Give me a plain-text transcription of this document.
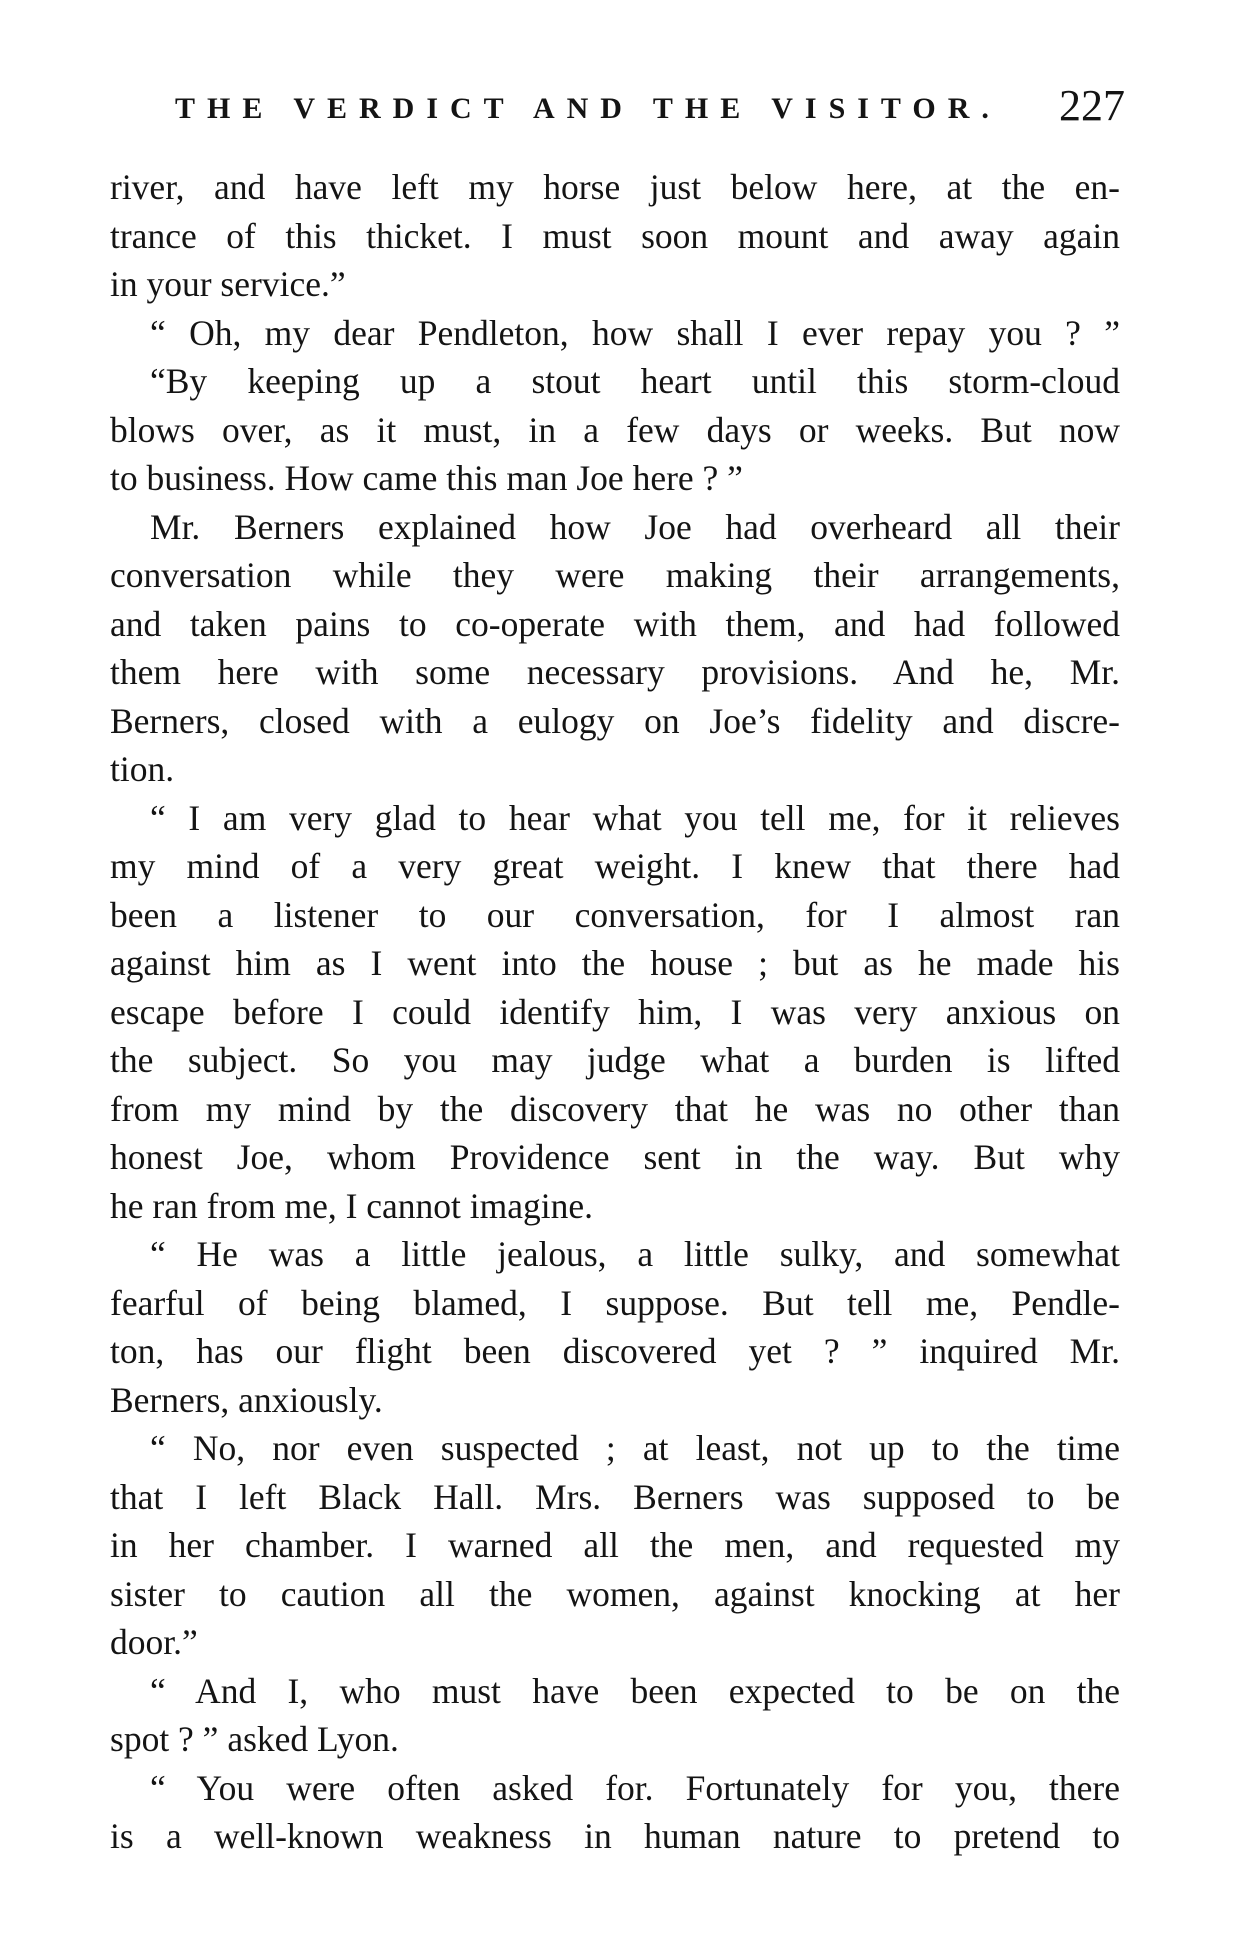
THE VERDICT AND THE VISITOR. 227
river, and have left my horse just below here, at the en-
trance of this thicket. I must soon mount and away again
in your service.”
“ Oh, my dear Pendleton, how shall I ever repay you ? ”
“By keeping up a stout heart until this storm-cloud
blows over, as it must, in a few days or weeks. But now
to business. How came this man Joe here ? ”
Mr. Berners explained how Joe had overheard all their
conversation while they were making their arrangements,
and taken pains to co-operate with them, and had followed
them here with some necessary provisions. And he, Mr.
Berners, closed with a eulogy on Joe’s fidelity and discre-
tion.
“ I am very glad to hear what you tell me, for it relieves
my mind of a very great weight. I knew that there had
been a listener to our conversation, for I almost ran
against him as I went into the house ; but as he made his
escape before I could identify him, I was very anxious on
the subject. So you may judge what a burden is lifted
from my mind by the discovery that he was no other than
honest Joe, whom Providence sent in the way. But why
he ran from me, I cannot imagine.
“ He was a little jealous, a little sulky, and somewhat
fearful of being blamed, I suppose. But tell me, Pendle-
ton, has our flight been discovered yet ? ” inquired Mr.
Berners, anxiously.
“ No, nor even suspected ; at least, not up to the time
that I left Black Hall. Mrs. Berners was supposed to be
in her chamber. I warned all the men, and requested my
sister to caution all the women, against knocking at her
door.”
“ And I, who must have been expected to be on the
spot ? ” asked Lyon.
“ You were often asked for. Fortunately for you, there
is a well-known weakness in human nature to pretend to
